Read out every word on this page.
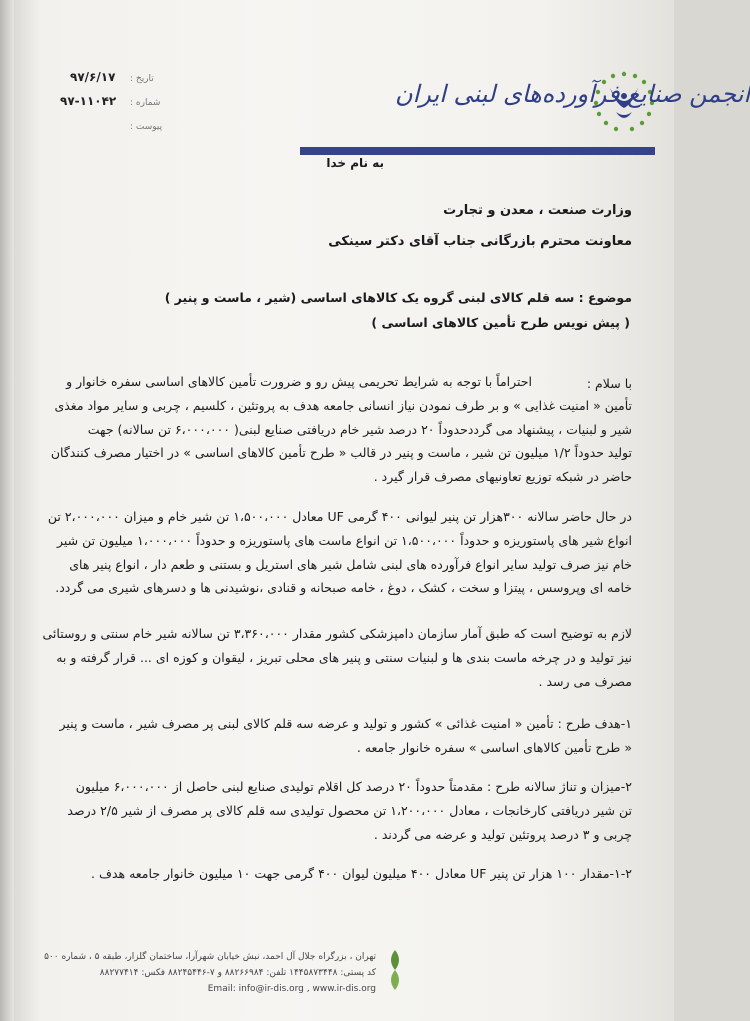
تاریخ :
۹۷/۶/۱۷
شماره :
۹۷-۱۱۰۴۲
پیوست :
انجمن صنایع فرآورده‌های لبنی ایران
به نام خدا
وزارت صنعت ، معدن و تجارت
معاونت محترم بازرگانی جناب آقای دکتر سینکی
موضوع : سه قلم کالای لبنی گروه یک کالاهای اساسی (شیر ، ماست و پنیر )
( پیش نویس طرح تأمین کالاهای اساسی )
با سلام :
احتراماً با توجه به شرایط تحریمی پیش رو و ضرورت تأمین کالاهای اساسی سفره خانوار و
تأمین « امنیت غذایی » و بر طرف نمودن نیاز انسانی جامعه هدف به پروتئین ، کلسیم ، چربی و سایر مواد مغذی
شیر و لبنیات ، پیشنهاد می گرددحدوداً ۲۰ درصد شیر خام دریافتی صنایع لبنی( ۶،۰۰۰،۰۰۰ تن سالانه) جهت
تولید حدوداً ۱/۲ میلیون تن شیر ، ماست و پنیر در قالب « طرح تأمین کالاهای اساسی » در اختیار مصرف کنندگان
حاضر در شبکه توزیع تعاونیهای مصرف قرار گیرد .
در حال حاضر سالانه ۳۰۰هزار تن پنیر لیوانی ۴۰۰ گرمی UF معادل ۱،۵۰۰،۰۰۰ تن شیر خام و میزان ۲،۰۰۰،۰۰۰ تن
انواع شیر های پاستوریزه و حدوداً ۱،۵۰۰،۰۰۰ تن انواع ماست های پاستوریزه و حدوداً ۱،۰۰۰،۰۰۰ میلیون تن شیر
خام نیز صرف تولید سایر انواع فرآورده های لبنی شامل شیر های استریل و بستنی و طعم دار ، انواع پنیر های
خامه ای وپروسس ، پیتزا و سخت ، کشک ، دوغ ، خامه صبحانه و قنادی ،نوشیدنی ها و دسرهای شیری می گردد.
لازم به توضیح است که طبق آمار سازمان دامپزشکی کشور مقدار ۳،۳۶۰،۰۰۰ تن سالانه شیر خام سنتی و روستائی
نیز تولید و در چرخه ماست بندی ها و لبنیات سنتی و پنیر های محلی تبریز ، لیقوان و کوزه ای ... قرار گرفته و به
مصرف می رسد .
۱-هدف طرح : تأمین « امنیت غذائی » کشور و تولید و عرضه سه قلم کالای لبنی پر مصرف شیر ، ماست و پنیر
« طرح تأمین کالاهای اساسی » سفره خانوار جامعه .
۲-میزان و تناژ سالانه طرح : مقدمتاً حدوداً ۲۰ درصد کل اقلام تولیدی صنایع لبنی حاصل از ۶،۰۰۰،۰۰۰ میلیون
تن شیر دریافتی کارخانجات ، معادل ۱،۲۰۰،۰۰۰ تن محصول تولیدی سه قلم کالای پر مصرف از شیر ۲/۵ درصد
چربی و ۳ درصد پروتئین تولید و عرضه می گردند .
۱-۲-مقدار ۱۰۰ هزار تن پنیر UF معادل ۴۰۰ میلیون لیوان ۴۰۰ گرمی جهت ۱۰ میلیون خانوار جامعه هدف .
تهران ، بزرگراه جلال آل احمد، نبش خیابان شهرآرا، ساختمان گلزار، طبقه ۵ ، شماره ۵۰۰
کد پستی: ۱۴۴۵۸۷۳۴۴۸ تلفن: ۸۸۲۶۶۹۸۴ و ۷-۸۸۲۴۵۴۴۶ فکس: ۸۸۲۷۷۴۱۴
Email: info@ir-dis.org , www.ir-dis.org
